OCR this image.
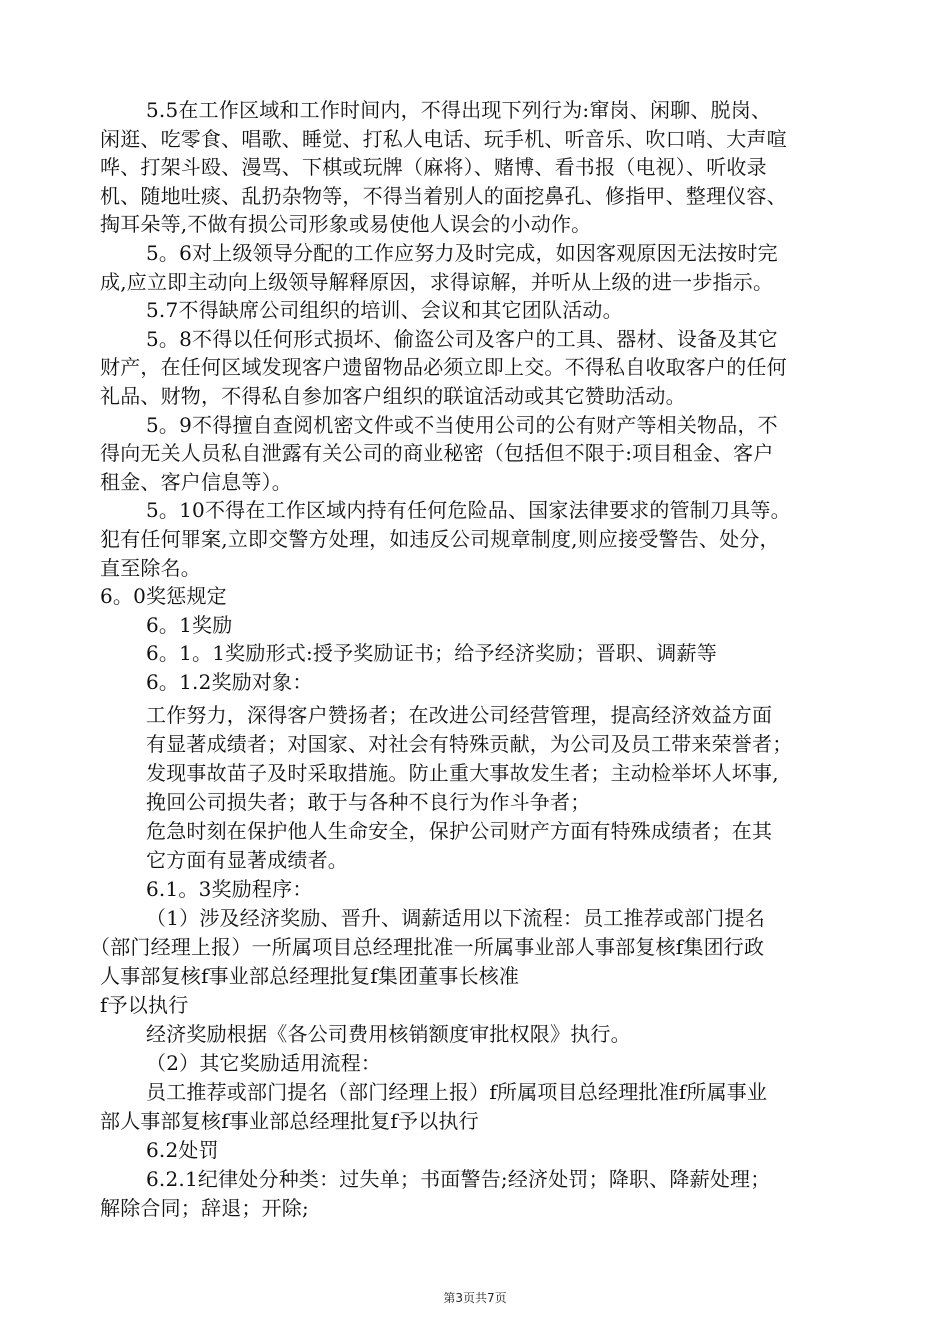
5.5在工作区域和工作时间内，不得出现下列行为:窜岗、闲聊、脱岗、
闲逛、吃零食、唱歌、睡觉、打私人电话、玩手机、听音乐、吹口哨、大声喧
哗、打架斗殴、漫骂、下棋或玩牌（麻将）、赌博、看书报（电视）、听收录
机、随地吐痰、乱扔杂物等，不得当着别人的面挖鼻孔、修指甲、整理仪容、
掏耳朵等,不做有损公司形象或易使他人误会的小动作。
5。6对上级领导分配的工作应努力及时完成，如因客观原因无法按时完
成,应立即主动向上级领导解释原因，求得谅解，并听从上级的进一步指示。
5.7不得缺席公司组织的培训、会议和其它团队活动。
5。8不得以任何形式损坏、偷盗公司及客户的工具、器材、设备及其它
财产，在任何区域发现客户遗留物品必须立即上交。不得私自收取客户的任何
礼品、财物，不得私自参加客户组织的联谊活动或其它赞助活动。
5。9不得擅自查阅机密文件或不当使用公司的公有财产等相关物品，不
得向无关人员私自泄露有关公司的商业秘密（包括但不限于:项目租金、客户
租金、客户信息等）。
5。10不得在工作区域内持有任何危险品、国家法律要求的管制刀具等。
犯有任何罪案,立即交警方处理，如违反公司规章制度,则应接受警告、处分，
直至除名。
6。0奖惩规定
6。1奖励
6。1。1奖励形式:授予奖励证书；给予经济奖励；晋职、调薪等
6。1.2奖励对象：
工作努力，深得客户赞扬者；在改进公司经营管理，提高经济效益方面
有显著成绩者；对国家、对社会有特殊贡献，为公司及员工带来荣誉者；
发现事故苗子及时采取措施。防止重大事故发生者；主动检举坏人坏事,
挽回公司损失者；敢于与各种不良行为作斗争者；
危急时刻在保护他人生命安全，保护公司财产方面有特殊成绩者；在其
它方面有显著成绩者。
6.1。3奖励程序：
（1）涉及经济奖励、晋升、调薪适用以下流程：员工推荐或部门提名
（部门经理上报）一所属项目总经理批准一所属事业部人事部复核f集团行政
人事部复核f事业部总经理批复f集团董事长核准
f予以执行
经济奖励根据《各公司费用核销额度审批权限》执行。
（2）其它奖励适用流程：
员工推荐或部门提名（部门经理上报）f所属项目总经理批准f所属事业
部人事部复核f事业部总经理批复f予以执行
6.2处罚
6.2.1纪律处分种类：过失单；书面警告;经济处罚；降职、降薪处理；
解除合同；辞退；开除;
第3页共7页
